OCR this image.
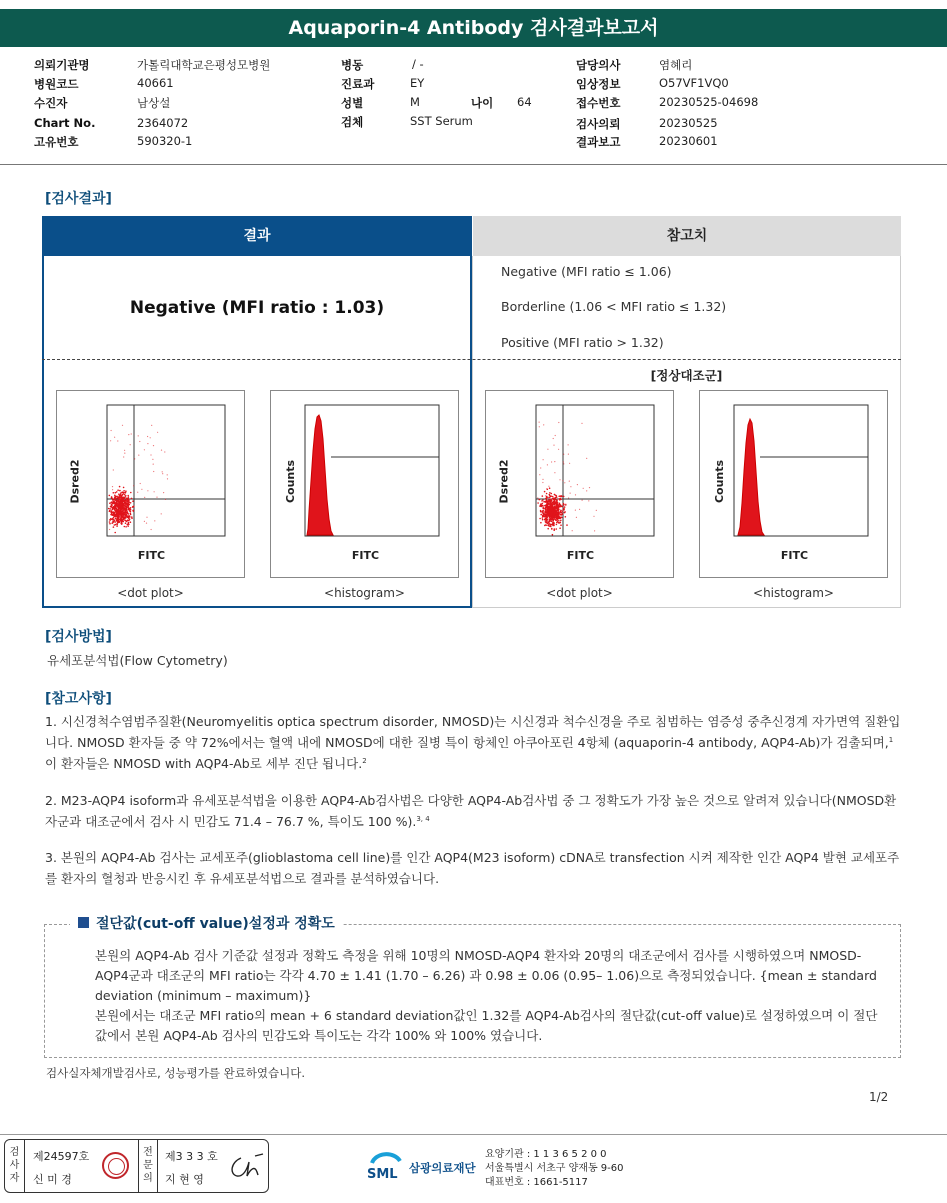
Aquaporin-4 Antibody 검사결과보고서
의뢰기관명	가톨릭대학교은평성모병원
병원코드	40661
수진자	남상설
Chart No.	2364072
고유번호	590320-1
병동	/ -
진료과	EY
성별	M	나이 64
검체	SST Serum
담당의사	염혜리
임상정보	O57VF1VQ0
접수번호	20230525-04698
검사의뢰	20230525
결과보고	20230601
[검사결과]
결과	참고치
Negative (MFI ratio : 1.03)
Negative (MFI ratio ≤ 1.06)
Borderline (1.06 < MFI ratio ≤ 1.32)
Positive (MFI ratio > 1.32)
[정상대조군]
Dsred2
FITC
<dot plot>
Counts
FITC
<histogram>
Dsred2
FITC
<dot plot>
Counts
FITC
<histogram>
[검사방법]
유세포분석법(Flow Cytometry)
[참고사항]
1. 시신경척수염범주질환(Neuromyelitis optica spectrum disorder, NMOSD)는 시신경과 척수신경을 주로 침범하는 염증성 중추신경계 자가면역 질환입니다. NMOSD 환자들 중 약 72%에서는 혈액 내에 NMOSD에 대한 질병 특이 항체인 아쿠아포린 4항체 (aquaporin-4 antibody, AQP4-Ab)가 검출되며,$^1$ 이 환자들은 NMOSD with AQP4-Ab로 세부 진단 됩니다.$^2$
2. M23-AQP4 isoform과 유세포분석법을 이용한 AQP4-Ab검사법은 다양한 AQP4-Ab검사법 중 그 정확도가 가장 높은 것으로 알려져 있습니다(NMOSD환자군과 대조군에서 검사 시 민감도 71.4 – 76.7 %, 특이도 100 %).$^{3, 4}$
3. 본원의 AQP4-Ab 검사는 교세포주(glioblastoma cell line)를 인간 AQP4(M23 isoform) cDNA로 transfection 시켜 제작한 인간 AQP4 발현 교세포주를 환자의 혈청과 반응시킨 후 유세포분석법으로 결과를 분석하였습니다.
절단값(cut-off value)설정과 정확도
본원의 AQP4-Ab 검사 기준값 설정과 정확도 측정을 위해 10명의 NMOSD-AQP4 환자와 20명의 대조군에서 검사를 시행하였으며 NMOSD-AQP4군과 대조군의 MFI ratio는 각각 4.70 ± 1.41 (1.70 – 6.26) 과 0.98 ± 0.06 (0.95– 1.06)으로 측정되었습니다. {mean ± standard deviation (minimum – maximum)}
본원에서는 대조군 MFI ratio의 mean + 6 standard deviation값인 1.32를 AQP4-Ab검사의 절단값(cut-off value)로 설정하였으며 이 절단값에서 본원 AQP4-Ab 검사의 민감도와 특이도는 각각 100% 와 100% 였습니다.
검사실자체개발검사로, 성능평가를 완료하였습니다.
1/2
검
사
자
제24597호
신 미 경
전
문
의
제3 3 3 호
지 현 영	SML 삼광의료재단
요양기관 : 1 1 3 6 5 2 0 0
서울특별시 서초구 양재동 9-60
대표번호 : 1661-5117
